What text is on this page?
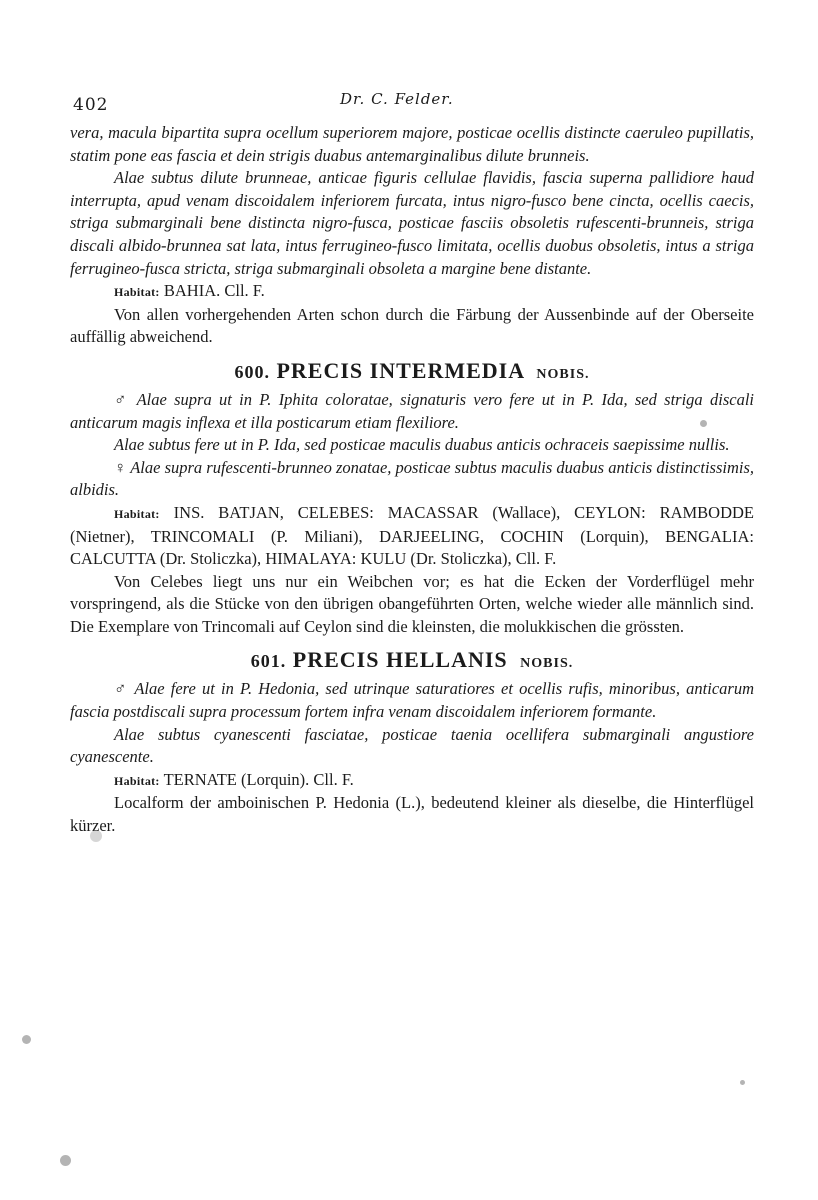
402	Dr. C. Felder.

vera, macula bipartita supra ocellum superiorem majore, posticae ocellis distincte caeruleo pupillatis, statim pone eas fascia et dein strigis duabus antemarginalibus dilute brunneis.

Alae subtus dilute brunneae, anticae figuris cellulae flavidis, fascia superna pallidiore haud interrupta, apud venam discoidalem inferiorem furcata, intus nigro-fusco bene cincta, ocellis caecis, striga submarginali bene distincta nigro-fusca, posticae fasciis obsoletis rufescenti-brunneis, striga discali albido-brunnea sat lata, intus ferrugineo-fusco limitata, ocellis duobus obsoletis, intus a striga ferrugineo-fusca stricta, striga submarginali obsoleta a margine bene distante.

Habitat: BAHIA. Cll. F.

Von allen vorhergehenden Arten schon durch die Färbung der Aussenbinde auf der Oberseite auffällig abweichend.

600. PRECIS INTERMEDIA NOBIS.

♂ Alae supra ut in P. Iphita coloratae, signaturis vero fere ut in P. Ida, sed striga discali anticarum magis inflexa et illa posticarum etiam flexiliore.

Alae subtus fere ut in P. Ida, sed posticae maculis duabus anticis ochraceis saepissime nullis.

♀ Alae supra rufescenti-brunneo zonatae, posticae subtus maculis duabus anticis distinctissimis, albidis.

Habitat: INS. BATJAN, CELEBES: MACASSAR (Wallace), CEYLON: RAMBODDE (Nietner), TRINCOMALI (P. Miliani), DARJEELING, COCHIN (Lorquin), BENGALIA: CALCUTTA (Dr. Stoliczka), HIMALAYA: KULU (Dr. Stoliczka), Cll. F.

Von Celebes liegt uns nur ein Weibchen vor; es hat die Ecken der Vorderflügel mehr vorspringend, als die Stücke von den übrigen obangeführten Orten, welche wieder alle männlich sind. Die Exemplare von Trincomali auf Ceylon sind die kleinsten, die molukkischen die grössten.

601. PRECIS HELLANIS NOBIS.

♂ Alae fere ut in P. Hedonia, sed utrinque saturatiores et ocellis rufis, minoribus, anticarum fascia postdiscali supra processum fortem infra venam discoidalem inferiorem formante.

Alae subtus cyanescenti fasciatae, posticae taenia ocellifera submarginali angustiore cyanescente.

Habitat: TERNATE (Lorquin). Cll. F.

Localform der amboinischen P. Hedonia (L.), bedeutend kleiner als dieselbe, die Hinterflügel kürzer.
